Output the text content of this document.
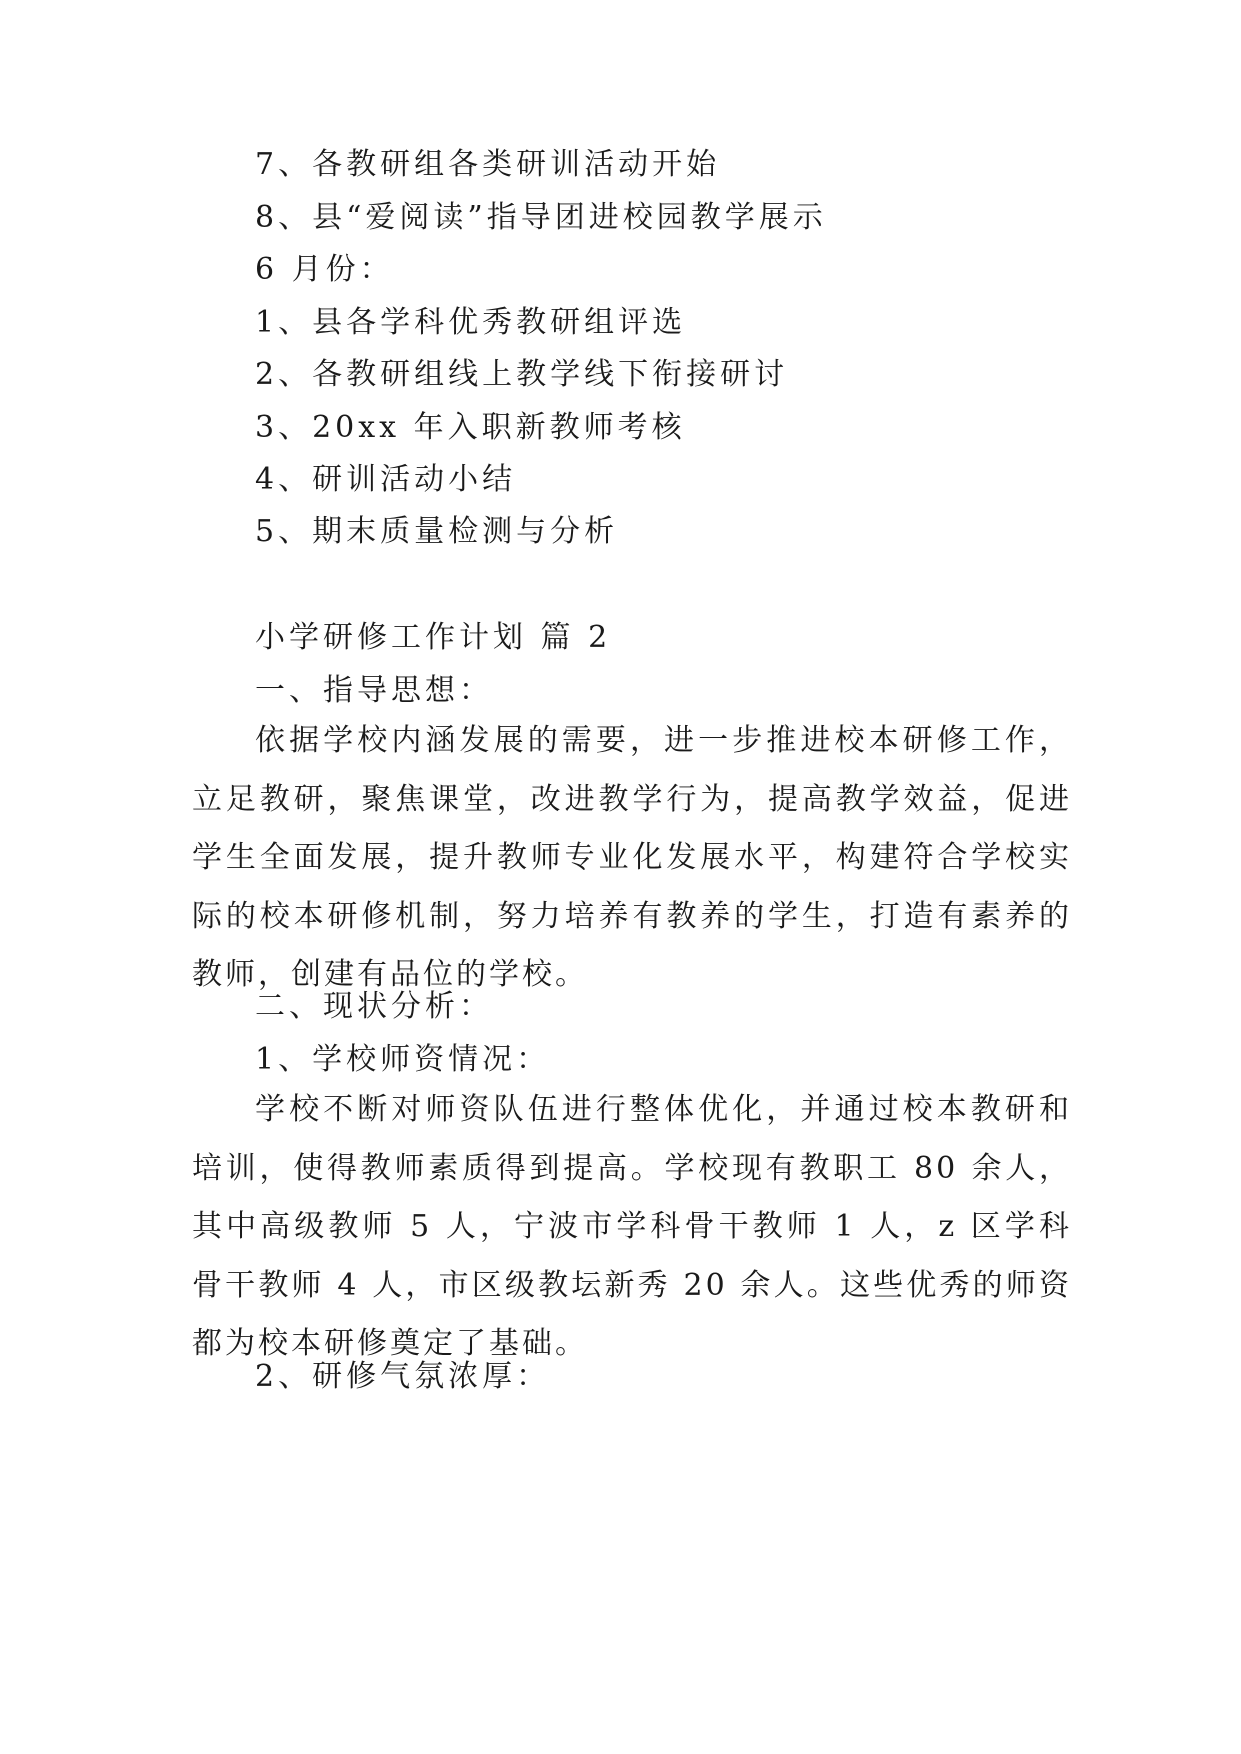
7、各教研组各类研训活动开始
8、县“爱阅读”指导团进校园教学展示
6 月份：
1、县各学科优秀教研组评选
2、各教研组线上教学线下衔接研讨
3、20xx 年入职新教师考核
4、研训活动小结
5、期末质量检测与分析
小学研修工作计划 篇 2
一、指导思想：

依据学校内涵发展的需要，进一步推进校本研修工作，立足教研，聚焦课堂，改进教学行为，提高教学效益，促进学生全面发展，提升教师专业化发展水平，构建符合学校实际的校本研修机制，努力培养有教养的学生，打造有素养的教师，创建有品位的学校。

二、现状分析：
1、学校师资情况：

学校不断对师资队伍进行整体优化，并通过校本教研和培训，使得教师素质得到提高。学校现有教职工 80 余人，其中高级教师 5 人，宁波市学科骨干教师 1 人，z 区学科骨干教师 4 人，市区级教坛新秀 20 余人。这些优秀的师资都为校本研修奠定了基础。

2、研修气氛浓厚：
